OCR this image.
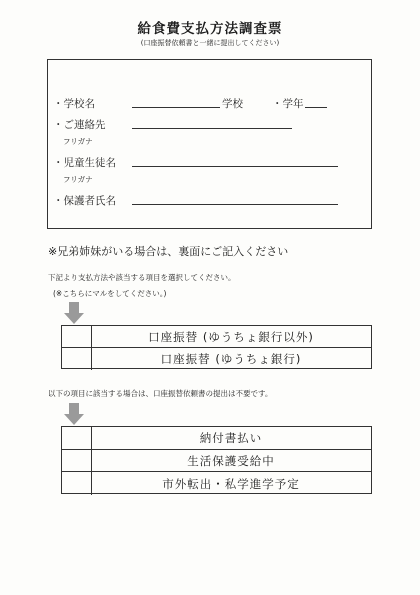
給食費支払方法調査票
(口座振替依頼書と一緒に提出してください)
・学校名	学校	・学年
・ご連絡先
フリガナ
・児童生徒名
フリガナ
・保護者氏名
※兄弟姉妹がいる場合は、裏面にご記入ください
下記より支払方法や該当する項目を選択してください。
(※こちらにマルをしてください。)
口座振替 (ゆうちょ銀行以外)
口座振替 (ゆうちょ銀行)
以下の項目に該当する場合は、口座振替依頼書の提出は不要です。
納付書払い
生活保護受給中
市外転出・私学進学予定
